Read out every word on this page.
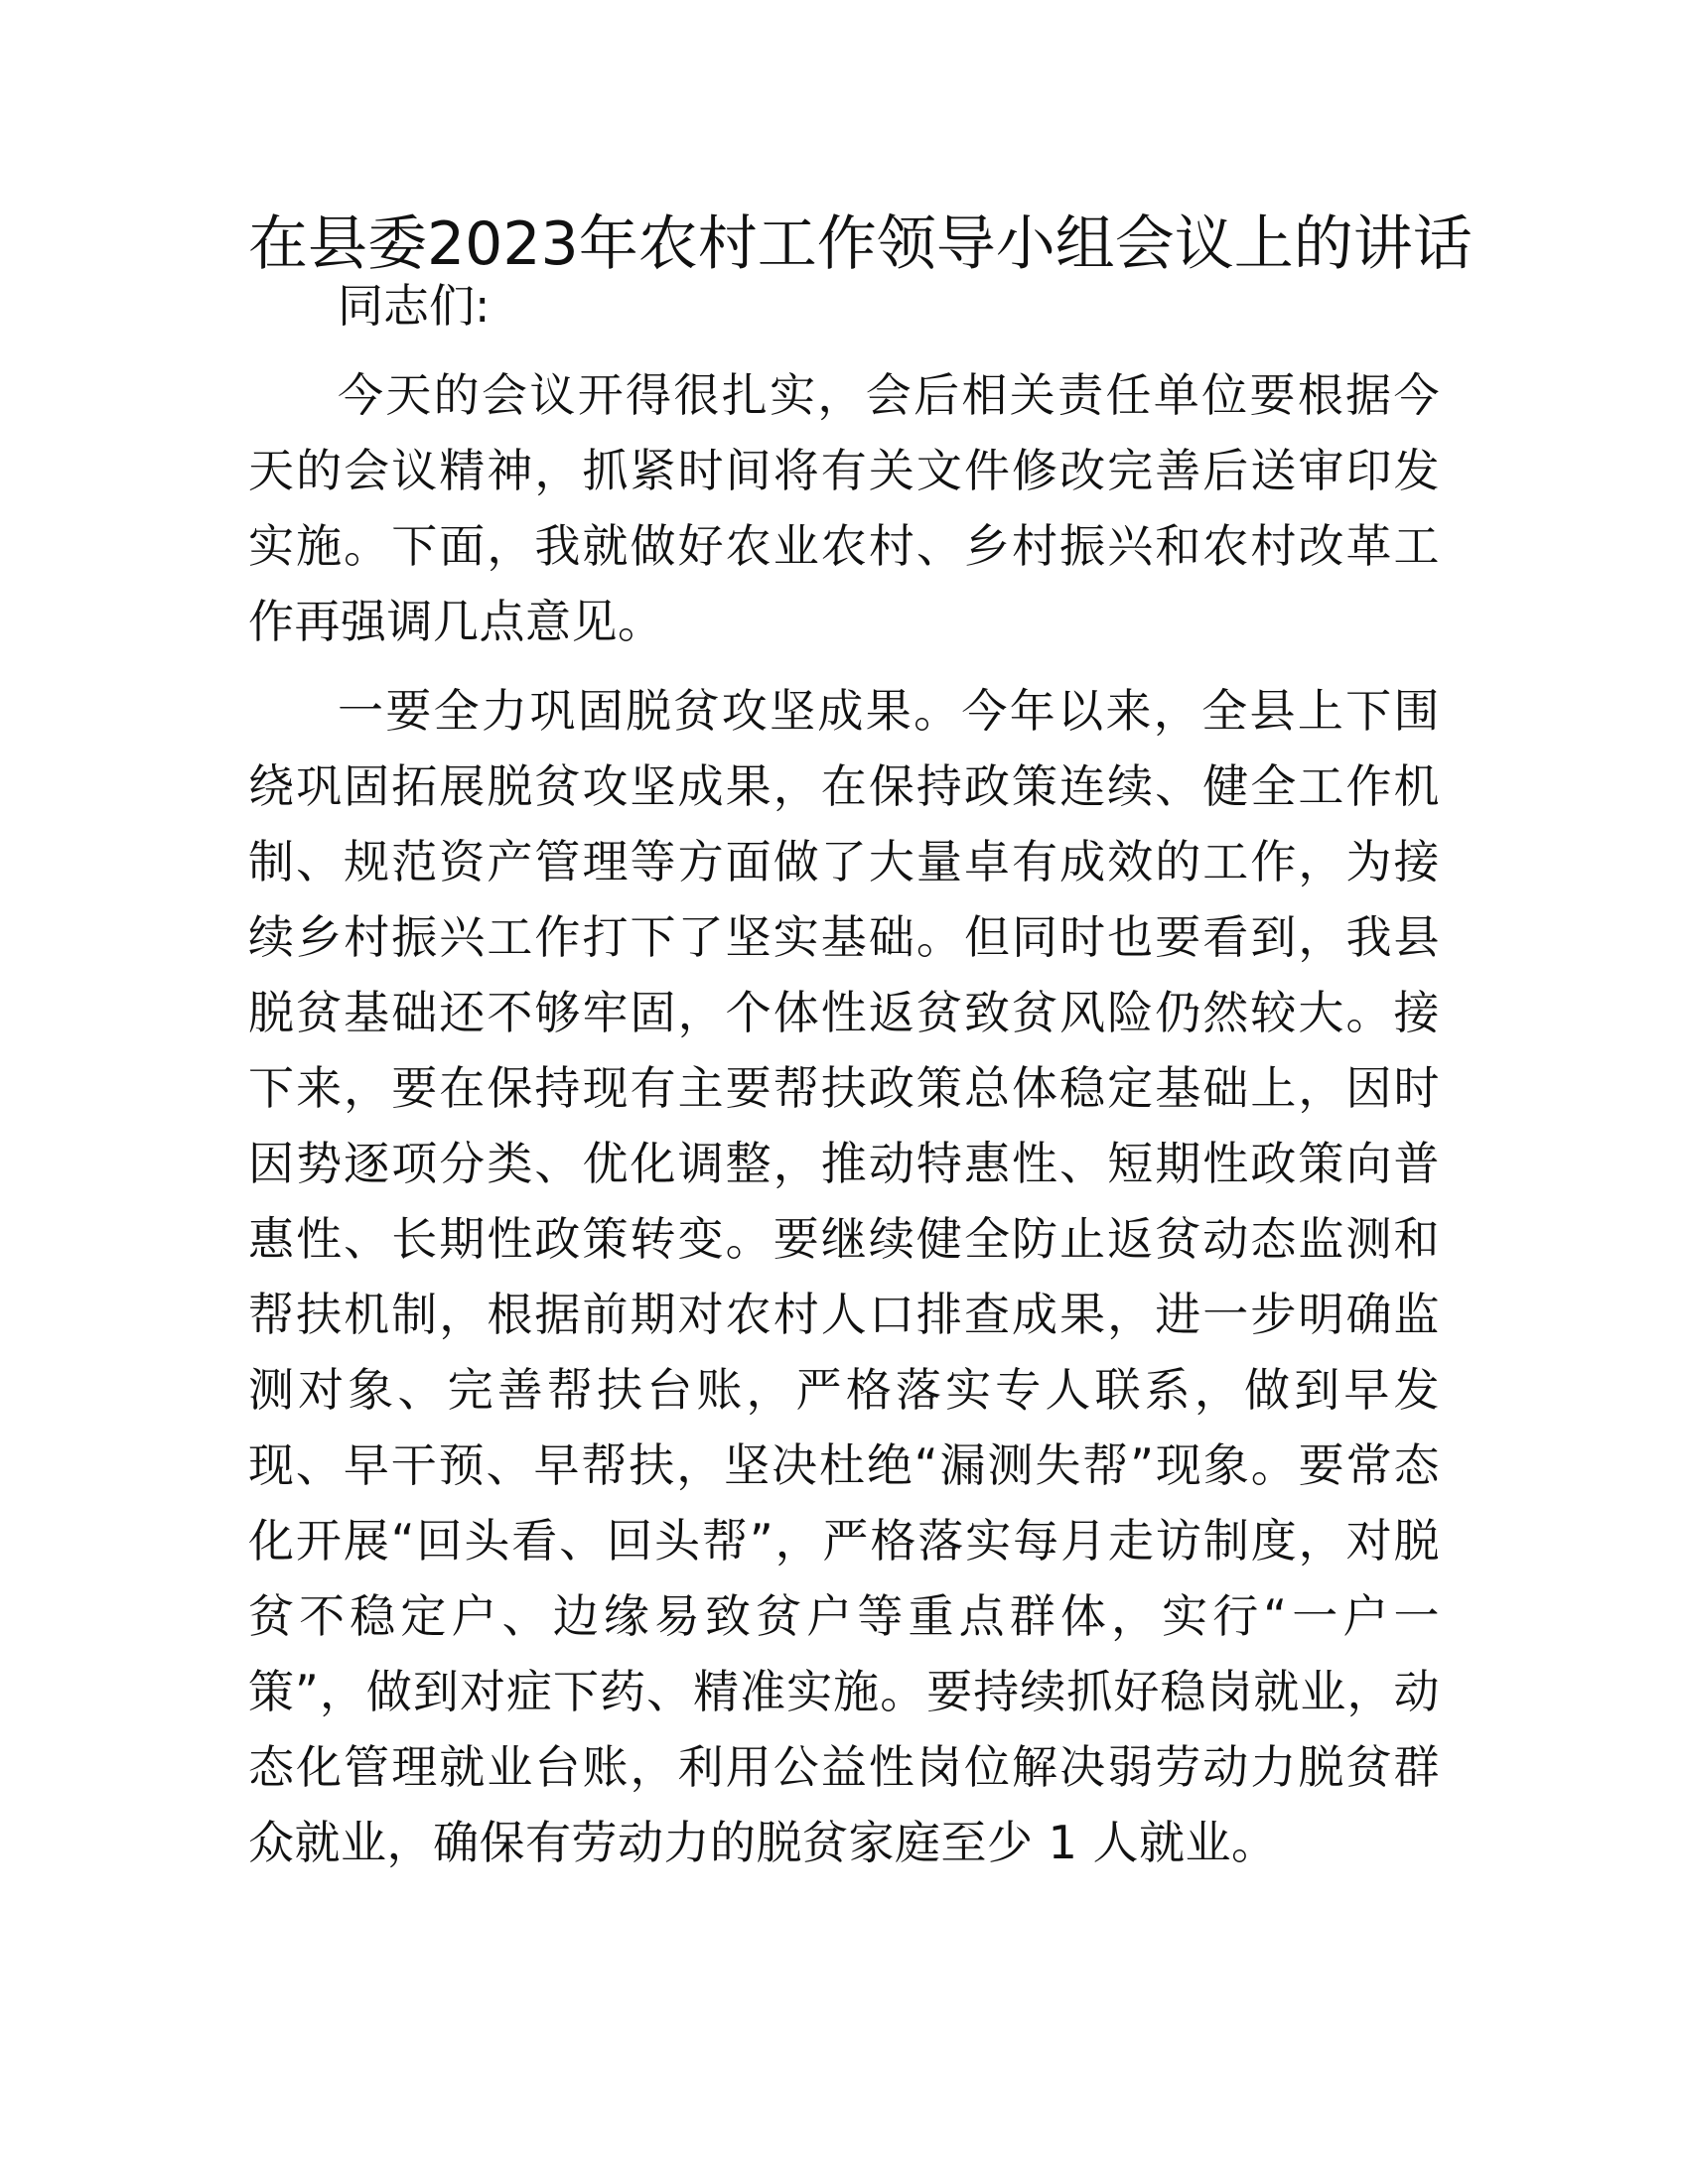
在县委2023年农村工作领导小组会议上的讲话

同志们:

今天的会议开得很扎实，会后相关责任单位要根据今天的会议精神，抓紧时间将有关文件修改完善后送审印发实施。下面，我就做好农业农村、乡村振兴和农村改革工作再强调几点意见。

一要全力巩固脱贫攻坚成果。今年以来，全县上下围绕巩固拓展脱贫攻坚成果，在保持政策连续、健全工作机制、规范资产管理等方面做了大量卓有成效的工作，为接续乡村振兴工作打下了坚实基础。但同时也要看到，我县脱贫基础还不够牢固，个体性返贫致贫风险仍然较大。接下来，要在保持现有主要帮扶政策总体稳定基础上，因时因势逐项分类、优化调整，推动特惠性、短期性政策向普惠性、长期性政策转变。要继续健全防止返贫动态监测和帮扶机制，根据前期对农村人口排查成果，进一步明确监测对象、完善帮扶台账，严格落实专人联系，做到早发现、早干预、早帮扶，坚决杜绝“漏测失帮”现象。要常态化开展“回头看、回头帮”，严格落实每月走访制度，对脱贫不稳定户、边缘易致贫户等重点群体，实行“一户一策”，做到对症下药、精准实施。要持续抓好稳岗就业，动态化管理就业台账，利用公益性岗位解决弱劳动力脱贫群众就业，确保有劳动力的脱贫家庭至少 1 人就业。
